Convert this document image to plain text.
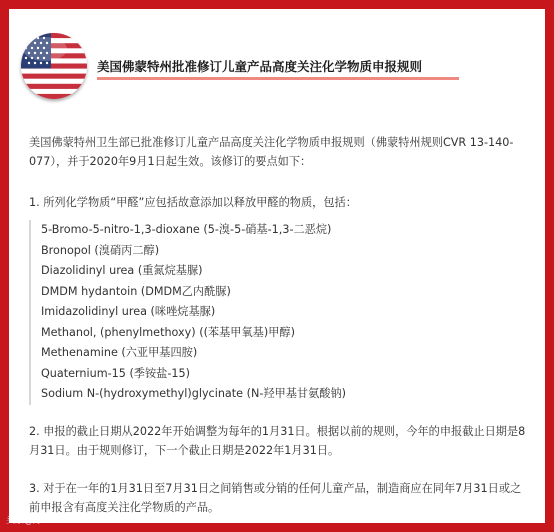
美国佛蒙特州批准修订儿童产品高度关注化学物质申报规则
美国佛蒙特州卫生部已批准修订儿童产品高度关注化学物质申报规则（佛蒙特州规则CVR 13-140-077），并于2020年9月1日起生效。该修订的要点如下：
1. 所列化学物质“甲醛”应包括故意添加以释放甲醛的物质，包括：
5-Bromo-5-nitro-1,3-dioxane (5-溴-5-硝基-1,3-二恶烷)
Bronopol (溴硝丙二醇)
Diazolidinyl urea (重氮烷基脲)
DMDM hydantoin (DMDM乙内酰脲)
Imidazolidinyl urea (咪唑烷基脲)
Methanol, (phenylmethoxy) ((苯基甲氧基)甲醇)
Methenamine (六亚甲基四胺)
Quaternium-15 (季铵盐-15)
Sodium N-(hydroxymethyl)glycinate (N-羟甲基甘氨酸钠)
2. 申报的截止日期从2022年开始调整为每年的1月31日。根据以前的规则，今年的申报截止日期是8月31日。由于规则修订，下一个截止日期是2022年1月31日。
3. 对于在一年的1月31日至7月31日之间销售或分销的任何儿童产品，制造商应在同年7月31日或之前申报含有高度关注化学物质的产品。
头条@好
